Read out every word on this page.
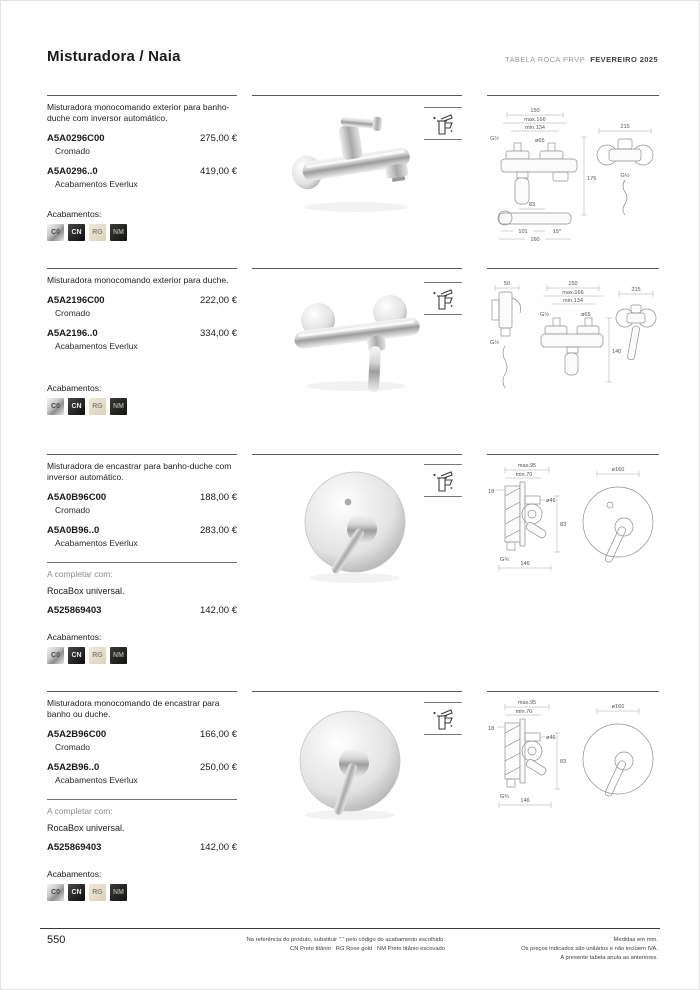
Misturadora / Naia	TABELA ROCA PRVP FEVEREIRO 2025
Misturadora monocomando exterior para banho-duche com inversor automático.
A5A0296C00	275,00 €
Cromado
A5A0296..0	419,00 €
Acabamentos Everlux
Acabamentos:
C0	CN	RG	NM
150
max.166
min.134
G½	ø65
176
215
G½
83
101	15°
160
Misturadora monocomando exterior para duche.
A5A2196C00	222,00 €
Cromado
A5A2196..0	334,00 €
Acabamentos Everlux
Acabamentos:
C0	CN	RG	NM
50
G½
150
max.166
min.134
G½	ø65
140
215
Misturadora de encastrar para banho-duche com inversor automático.
A5A0B96C00	188,00 €
Cromado
A5A0B96..0	283,00 €
Acabamentos Everlux
A completar com:
RocaBox universal.
A525869403	142,00 €
Acabamentos:
C0	CN	RG	NM
max.95
min.70
18
ø46
83
G¾
146
ø160
Misturadora monocomando de encastrar para banho ou duche.
A5A2B96C00	166,00 €
Cromado
A5A2B96..0	250,00 €
Acabamentos Everlux
A completar com:
RocaBox universal.
A525869403	142,00 €
Acabamentos:
C0	CN	RG	NM
max.95
min.70
18
ø46
83
G¾
146
ø160
550	Na referência do produto, substituir "." pelo código do acabamento escolhido:
CN Preto titânio   RG Rose gold   NM Preto titânio escovado
Medidas em mm.
Os preços indicados são unitários e não incluem IVA.
A presente tabela anula as anteriores.
